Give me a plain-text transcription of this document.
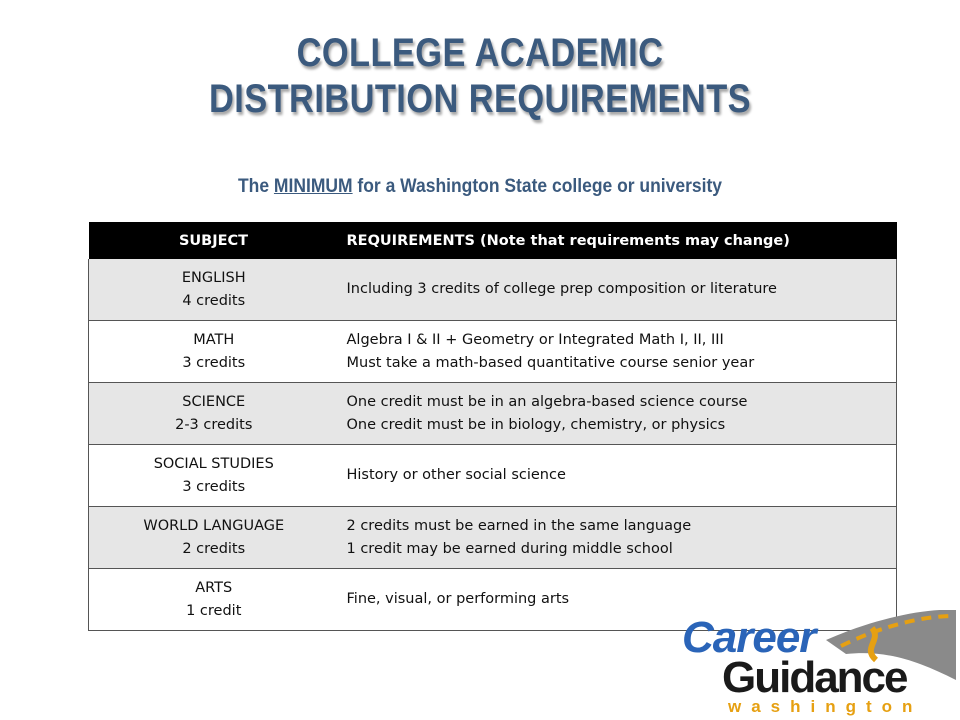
COLLEGE ACADEMIC
DISTRIBUTION REQUIREMENTS
The MINIMUM for a Washington State college or university
SUBJECT	REQUIREMENTS (Note that requirements may change)

ENGLISH
4 credits	Including 3 credits of college prep composition or literature

MATH
3 credits	Algebra I & II + Geometry or Integrated Math I, II, III
Must take a math-based quantitative course senior year

SCIENCE
2-3 credits	One credit must be in an algebra-based science course
One credit must be in biology, chemistry, or physics

SOCIAL STUDIES
3 credits	History or other social science

WORLD LANGUAGE
2 credits	2 credits must be earned in the same language
1 credit may be earned during middle school

ARTS
1 credit	Fine, visual, or performing arts
Career
Guidance
washington
